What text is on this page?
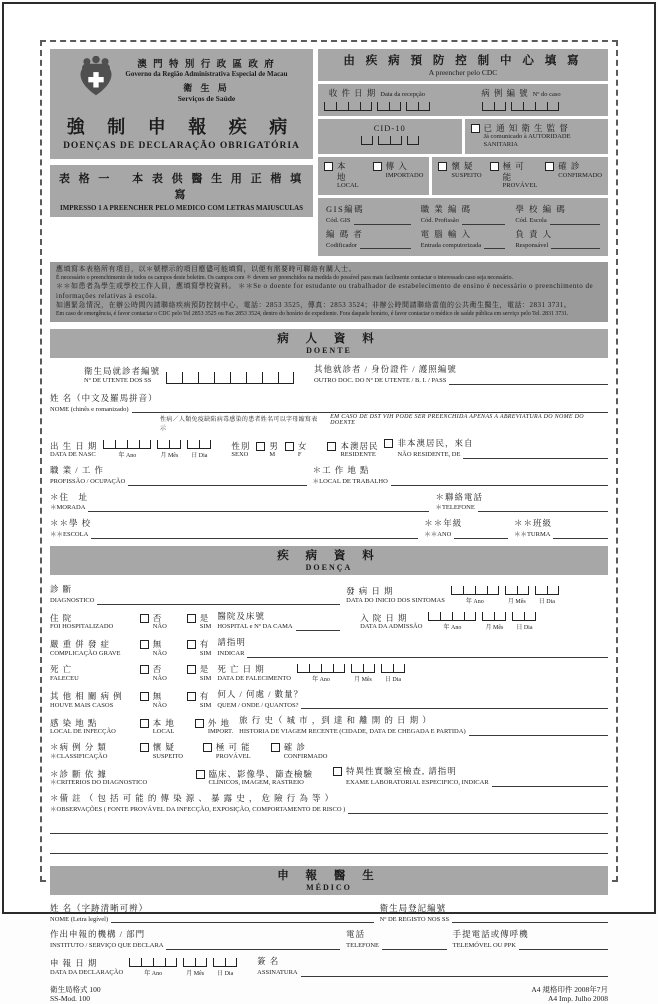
澳 門 特 別 行 政 區 政 府
Governo da Região Administrativa Especial de Macau
衛 生 局
Serviços de Saúde
強 制 申 報 疾 病
DOENÇAS DE DECLARAÇÃO OBRIGATÓRIA
表 格 一　 本 表 供 醫 生 用 正 楷 填 寫
IMPRESSO 1 A PREENCHER PELO MEDICO COM LETRAS MAIUSCULAS
由 疾 病 預 防 控 制 中 心 填 寫
A preencher pelo CDC
收 件 日 期 Data da recepção	病 例 編 號 Nº do caso
CID-10	已 通 知 衛 生 監 督
Já comunicado à AUTORIDADE SANITARIA
本 地
LOCAL
傳 入
IMPORTADO
懷 疑
SUSPEITO
極 可 能
PROVÁVEL
確 診
CONFIRMADO
GIS編碼
Cód. GIS
職 業 編 碼
Cód. Profissão
學 校 編 碼
Cód. Escola
編 碼 者
Codificador
電 腦 輸 入
Entrada computorizada
負 責 人
Responsável
應填寫本表格所有項目，以＊號標示的項目應儘可能填寫，以便有需要時可聯絡有關人士。
É necessário o preenchimento de todos os campos deste boletim. Os campos com ＊ devem ser preenchidos na medida do possível para mais facilmente contactar o interessado caso seja necessário.
＊＊如患者為學生或學校工作人員，應填寫學校資料。 ＊＊Se o doente for estudante ou trabalhador de estabelecimento de ensino é necessário o preenchimento de informações relativas à escola.
如遇緊急情況，在辦公時間內請聯絡疾病預防控制中心，電話：2853 3525，傳真：2853 3524；非辦公時間請聯絡當值的公共衛生醫生，電話：2831 3731。
Em caso de emergência, é favor contactar o CDC pelo Tel 2853 3525 ou Fax 2853 3524, dentro do horário de expediente. Fora daquele horário, é favor contactar o médico de saúde pública em serviço pelo Tel. 2831 3731.
病 人 資 料
DOENTE
衛生局就診者編號
Nº DE UTENTE DOS SS
其他就診者 / 身份證件 / 護照編號
OUTRO DOC. DO Nº DE UTENTE / B. I. / PASS
姓 名（中文及羅馬拼音）
NOME (chinês e romanizado)
性病／人類免疫缺陷病毒感染的患者姓名可以字母縮寫表示
EM CASO DE DST VIH PODE SER PREENCHIDA APENAS A ABREVIATURA DO NOME DO DOENTE
出 生 日 期
DATA DE NASC	年 Ano	月 Mês 日 Dia
性別
SEXO
男
M
女
F
本澳居民
RESIDENTE
非本澳居民，來自
NÃO RESIDENTE, DE
職 業 / 工 作
PROFISSÃO / OCUPAÇÃO
＊工 作 地 點
＊LOCAL DE TRABALHO
＊住　址
＊MORADA
＊聯絡電話
＊TELEFONE
＊＊學 校
＊＊ESCOLA
＊＊年級
＊＊ANO
＊＊班級
＊＊TURMA
疾 病 資 料
DOENÇA
診 斷
DIAGNOSTICO
發 病 日 期
DATA DO INICIO DOS SINTOMAS	年 Ano	月 Mês 日 Dia
住 院
FOI HOSPITALIZADO
否
NÃO
是
SIM
醫院及床號
HOSPITAL e Nº DA CAMA
入 院 日 期
DATA DA ADMISSÃO	年 Ano	月 Mês 日 Dia
嚴 重 併 發 症
COMPLICAÇÃO GRAVE
無
NÃO
有
SIM
請指明
INDICAR
死 亡
FALECEU
否
NÃO
是
SIM
死 亡 日 期
DATA DE FALECIMENTO	年 Ano	月 Mês 日 Dia
其 他 相 關 病 例
HOUVE MAIS CASOS
無
NÃO
有
SIM
何人 / 何處 / 數量？
QUEM / ONDE / QUANTOS?
感 染 地 點
LOCAL DE INFECÇÃO
本 地
LOCAL
外 地
IMPORT.
旅 行 史（ 城 市 ，到 達 和 離 開 的 日 期 ）
HISTORIA DE VIAGEM RECENTE (CIDADE, DATA DE CHEGADA E PARTIDA)
＊病 例 分 類
＊CLASSIFICAÇÃO
懷 疑
SUSPEITO
極 可 能
PROVÁVEL
確 診
CONFIRMADO
＊診 斷 依 據
＊CRITERIOS DO DIAGNOSTICO
臨床、影像學、篩查檢驗
CLÍNICOS, IMAGEM, RASTREIO
特異性實驗室檢查, 請指明
EXAME LABORATORIAL ESPECIFICO, INDICAR
＊備 註 （ 包 括 可 能 的 傳 染 源 、 暴 露 史 ， 危 險 行 為 等 ）
＊OBSERVAÇÕES ( FONTE PROVÁVEL DA INFECÇÃO, EXPOSIÇÃO, COMPORTAMENTO DE RISCO )
申 報 醫 生
MÉDICO
姓 名（字跡清晰可辨）
NOME (Letra legível)
衛生局登記編號
Nº DE REGISTO NOS SS
作出申報的機構 / 部門
INSTITUTO / SERVIÇO QUE DECLARA
電話
TELEFONE
手提電話或傳呼機
TELEMÓVEL OU PPK
申 報 日 期
DATA DA DECLARAÇÃO	年 Ano	月 Mês 日 Dia
簽 名
ASSINATURA
衛生局格式 100
SS-Mod. 100
A4 規格印件 2008年7月
A4 Imp. Julho 2008
